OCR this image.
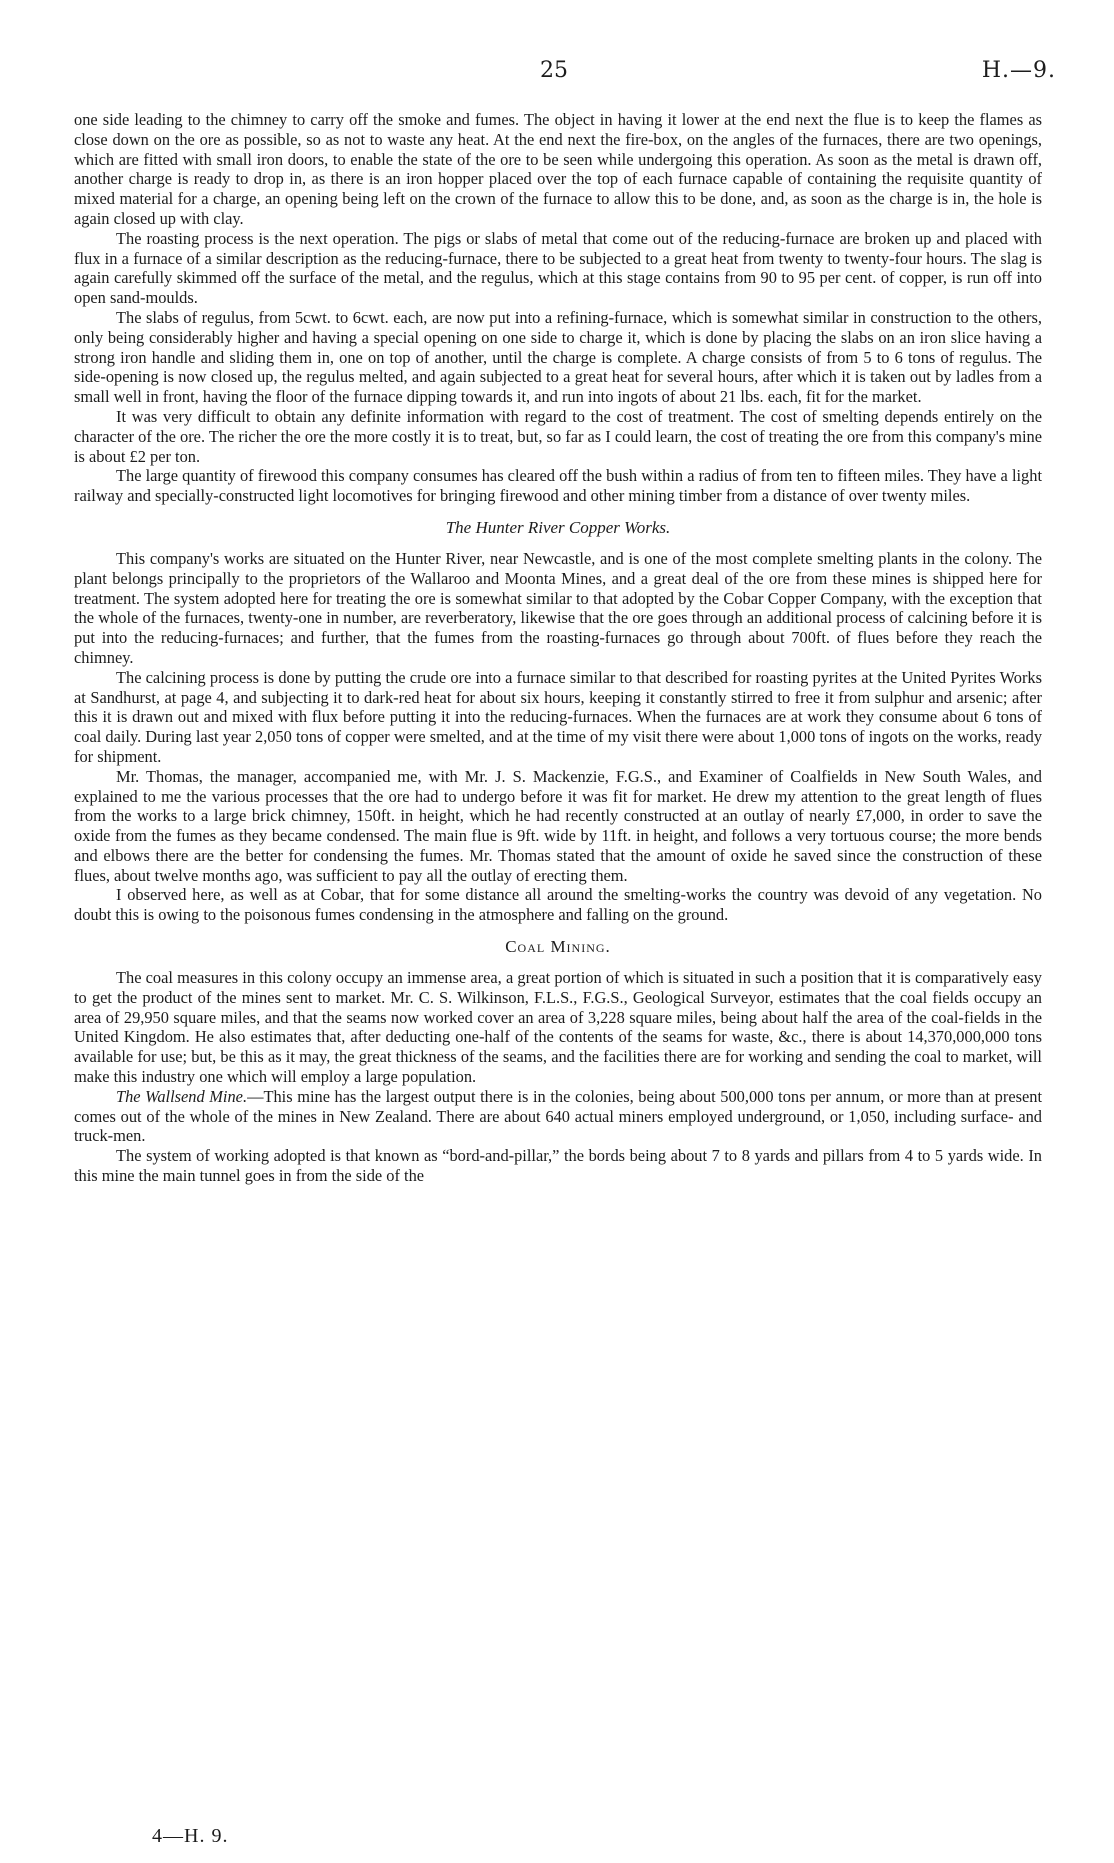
25	H.—9.

one side leading to the chimney to carry off the smoke and fumes. The object in having it lower at the end next the flue is to keep the flames as close down on the ore as possible, so as not to waste any heat. At the end next the fire-box, on the angles of the furnaces, there are two openings, which are fitted with small iron doors, to enable the state of the ore to be seen while undergoing this operation. As soon as the metal is drawn off, another charge is ready to drop in, as there is an iron hopper placed over the top of each furnace capable of containing the requisite quantity of mixed material for a charge, an opening being left on the crown of the furnace to allow this to be done, and, as soon as the charge is in, the hole is again closed up with clay.

The roasting process is the next operation. The pigs or slabs of metal that come out of the reducing-furnace are broken up and placed with flux in a furnace of a similar description as the reducing-furnace, there to be subjected to a great heat from twenty to twenty-four hours. The slag is again carefully skimmed off the surface of the metal, and the regulus, which at this stage contains from 90 to 95 per cent. of copper, is run off into open sand-moulds.

The slabs of regulus, from 5cwt. to 6cwt. each, are now put into a refining-furnace, which is somewhat similar in construction to the others, only being considerably higher and having a special opening on one side to charge it, which is done by placing the slabs on an iron slice having a strong iron handle and sliding them in, one on top of another, until the charge is complete. A charge consists of from 5 to 6 tons of regulus. The side-opening is now closed up, the regulus melted, and again subjected to a great heat for several hours, after which it is taken out by ladles from a small well in front, having the floor of the furnace dipping towards it, and run into ingots of about 21 lbs. each, fit for the market.

It was very difficult to obtain any definite information with regard to the cost of treatment. The cost of smelting depends entirely on the character of the ore. The richer the ore the more costly it is to treat, but, so far as I could learn, the cost of treating the ore from this company's mine is about £2 per ton.

The large quantity of firewood this company consumes has cleared off the bush within a radius of from ten to fifteen miles. They have a light railway and specially-constructed light locomotives for bringing firewood and other mining timber from a distance of over twenty miles.

The Hunter River Copper Works.

This company's works are situated on the Hunter River, near Newcastle, and is one of the most complete smelting plants in the colony. The plant belongs principally to the proprietors of the Wallaroo and Moonta Mines, and a great deal of the ore from these mines is shipped here for treatment. The system adopted here for treating the ore is somewhat similar to that adopted by the Cobar Copper Company, with the exception that the whole of the furnaces, twenty-one in number, are reverberatory, likewise that the ore goes through an additional process of calcining before it is put into the reducing-furnaces; and further, that the fumes from the roasting-furnaces go through about 700ft. of flues before they reach the chimney.

The calcining process is done by putting the crude ore into a furnace similar to that described for roasting pyrites at the United Pyrites Works at Sandhurst, at page 4, and subjecting it to dark-red heat for about six hours, keeping it constantly stirred to free it from sulphur and arsenic; after this it is drawn out and mixed with flux before putting it into the reducing-furnaces. When the furnaces are at work they consume about 6 tons of coal daily. During last year 2,050 tons of copper were smelted, and at the time of my visit there were about 1,000 tons of ingots on the works, ready for shipment.

Mr. Thomas, the manager, accompanied me, with Mr. J. S. Mackenzie, F.G.S., and Examiner of Coalfields in New South Wales, and explained to me the various processes that the ore had to undergo before it was fit for market. He drew my attention to the great length of flues from the works to a large brick chimney, 150ft. in height, which he had recently constructed at an outlay of nearly £7,000, in order to save the oxide from the fumes as they became condensed. The main flue is 9ft. wide by 11ft. in height, and follows a very tortuous course; the more bends and elbows there are the better for condensing the fumes. Mr. Thomas stated that the amount of oxide he saved since the construction of these flues, about twelve months ago, was sufficient to pay all the outlay of erecting them.

I observed here, as well as at Cobar, that for some distance all around the smelting-works the country was devoid of any vegetation. No doubt this is owing to the poisonous fumes condensing in the atmosphere and falling on the ground.

Coal Mining.

The coal measures in this colony occupy an immense area, a great portion of which is situated in such a position that it is comparatively easy to get the product of the mines sent to market. Mr. C. S. Wilkinson, F.L.S., F.G.S., Geological Surveyor, estimates that the coal fields occupy an area of 29,950 square miles, and that the seams now worked cover an area of 3,228 square miles, being about half the area of the coal-fields in the United Kingdom. He also estimates that, after deducting one-half of the contents of the seams for waste, &c., there is about 14,370,000,000 tons available for use; but, be this as it may, the great thickness of the seams, and the facilities there are for working and sending the coal to market, will make this industry one which will employ a large population.

The Wallsend Mine.—This mine has the largest output there is in the colonies, being about 500,000 tons per annum, or more than at present comes out of the whole of the mines in New Zealand. There are about 640 actual miners employed underground, or 1,050, including surface- and truck-men.

The system of working adopted is that known as “bord-and-pillar,” the bords being about 7 to 8 yards and pillars from 4 to 5 yards wide. In this mine the main tunnel goes in from the side of the

4—H. 9.
